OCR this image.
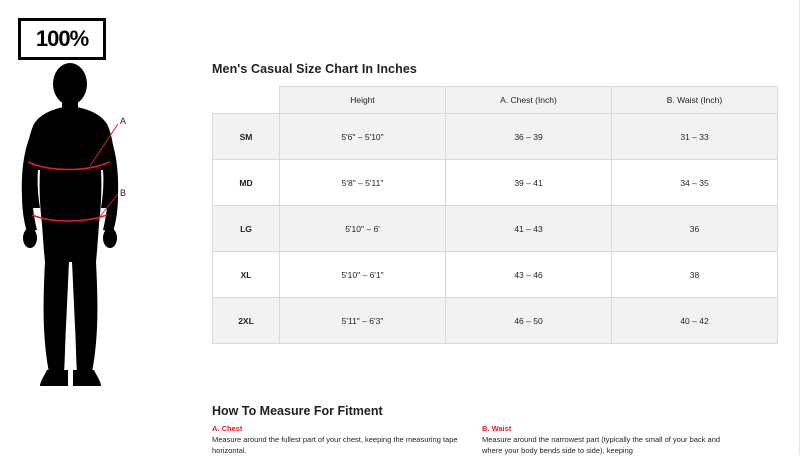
100%
A
B
Men's Casual Size Chart In Inches
	Height	A. Chest (Inch)	B. Waist (Inch)
SM	5'6" – 5'10"	36 – 39	31 – 33
MD	5'8" – 5'11"	39 – 41	34 – 35
LG	5'10" – 6'	41 – 43	36
XL	5'10" – 6'1"	43 – 46	38
2XL	5'11" – 6'3"	46 – 50	40 – 42
How To Measure For Fitment
A. Chest
Measure around the fullest part of your chest, keeping the measuring tape horizontal.
B. Waist
Measure around the narrowest part (typically the small of your back and where your body bends side to side), keeping
